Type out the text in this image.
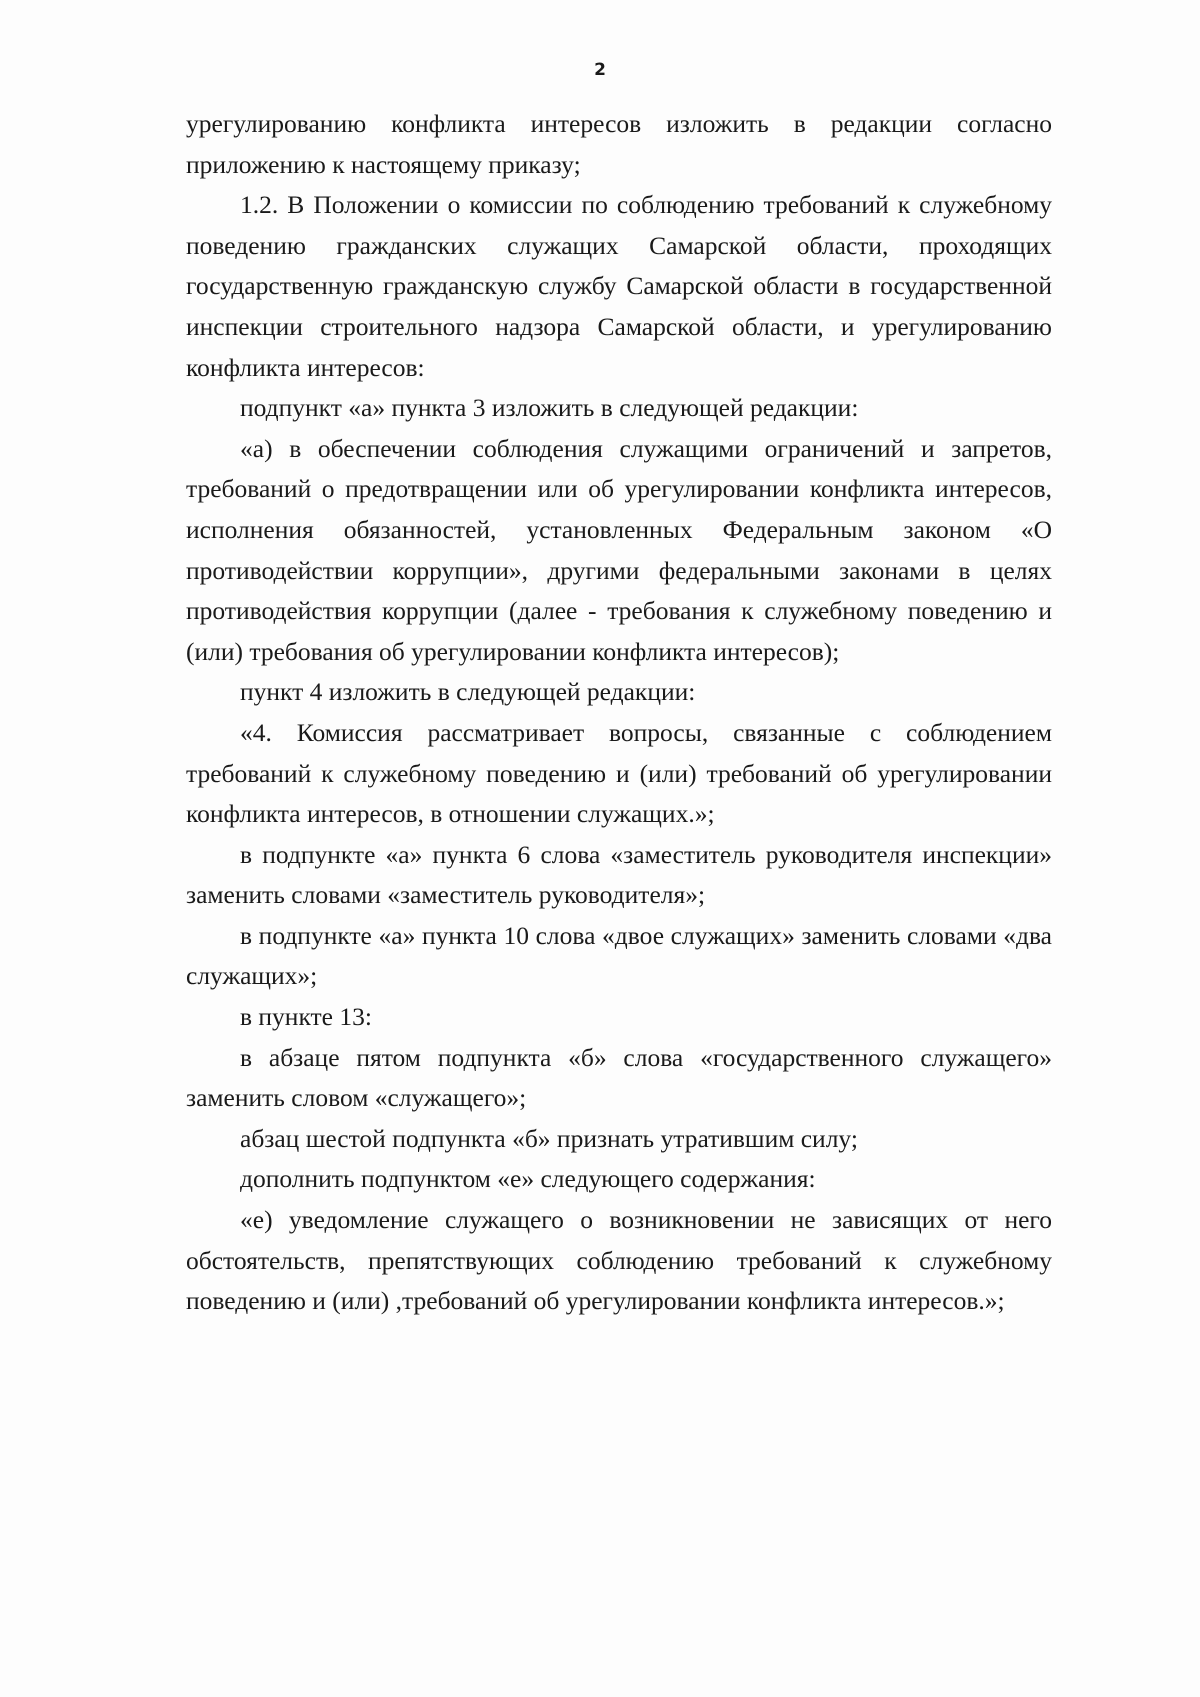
2

урегулированию конфликта интересов изложить в редакции согласно приложению к настоящему приказу;

1.2. В Положении о комиссии по соблюдению требований к служебному поведению гражданских служащих Самарской области, проходящих государственную гражданскую службу Самарской области в государственной инспекции строительного надзора Самарской области, и урегулированию конфликта интересов:

подпункт «а» пункта 3 изложить в следующей редакции:

«а) в обеспечении соблюдения служащими ограничений и запретов, требований о предотвращении или об урегулировании конфликта интересов, исполнения обязанностей, установленных Федеральным законом «О противодействии коррупции», другими федеральными законами в целях противодействия коррупции (далее - требования к служебному поведению и (или) требования об урегулировании конфликта интересов);

пункт 4 изложить в следующей редакции:

«4. Комиссия рассматривает вопросы, связанные с соблюдением требований к служебному поведению и (или) требований об урегулировании конфликта интересов, в отношении служащих.»;

в подпункте «а» пункта 6 слова «заместитель руководителя инспекции» заменить словами «заместитель руководителя»;

в подпункте «а» пункта 10 слова «двое служащих» заменить словами «два служащих»;

в пункте 13:

в абзаце пятом подпункта «б» слова «государственного служащего» заменить словом «служащего»;

абзац шестой подпункта «б» признать утратившим силу;

дополнить подпунктом «е» следующего содержания:

«е) уведомление служащего о возникновении не зависящих от него обстоятельств, препятствующих соблюдению требований к служебному поведению и (или) ,требований об урегулировании конфликта интересов.»;
